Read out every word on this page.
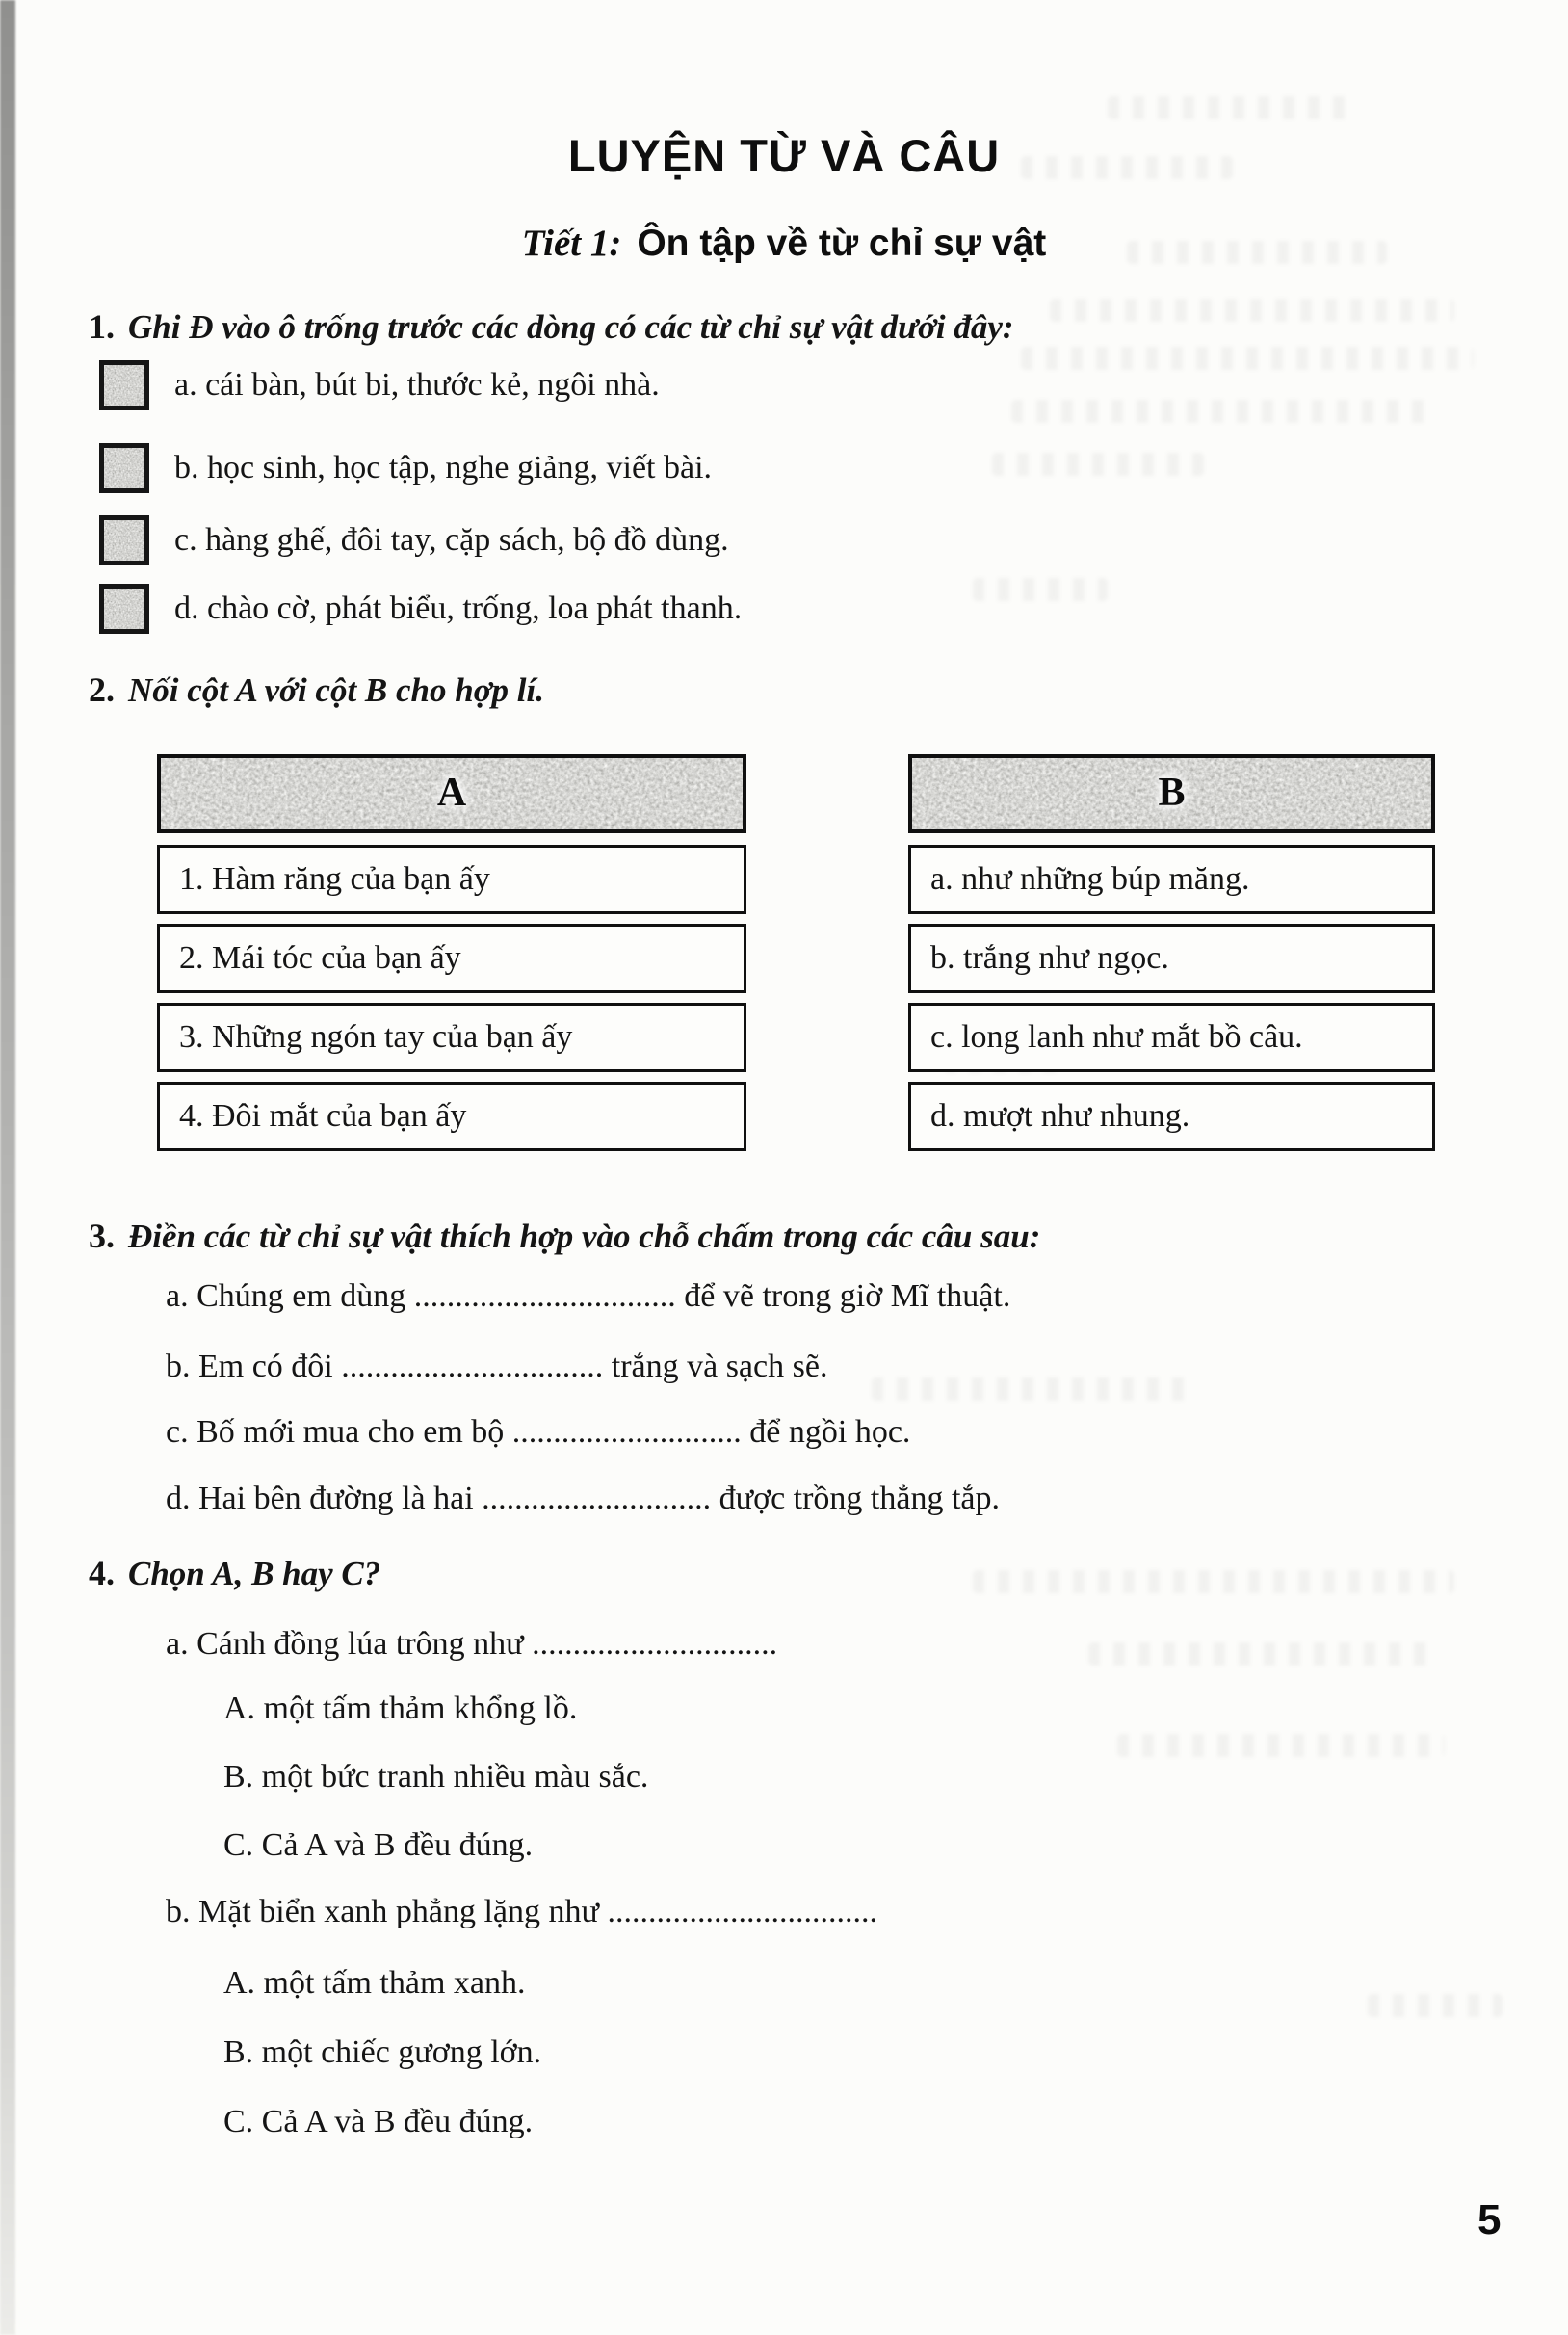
LUYỆN TỪ VÀ CÂU
Tiết 1: Ôn tập về từ chỉ sự vật
1. Ghi Đ vào ô trống trước các dòng có các từ chỉ sự vật dưới đây:
a. cái bàn, bút bi, thước kẻ, ngôi nhà.
b. học sinh, học tập, nghe giảng, viết bài.
c. hàng ghế, đôi tay, cặp sách, bộ đồ dùng.
d. chào cờ, phát biểu, trống, loa phát thanh.
2. Nối cột A với cột B cho hợp lí.
A
1. Hàm răng của bạn ấy
2. Mái tóc của bạn ấy
3. Những ngón tay của bạn ấy
4. Đôi mắt của bạn ấy
B
a. như những búp măng.
b. trắng như ngọc.
c. long lanh như mắt bồ câu.
d. mượt như nhung.
3. Điền các từ chỉ sự vật thích hợp vào chỗ chấm trong các câu sau:
a. Chúng em dùng ................................ để vẽ trong giờ Mĩ thuật.
b. Em có đôi ................................ trắng và sạch sẽ.
c. Bố mới mua cho em bộ ............................ để ngồi học.
d. Hai bên đường là hai ............................ được trồng thẳng tắp.
4. Chọn A, B hay C?
a. Cánh đồng lúa trông như ..............................
A. một tấm thảm khổng lồ.
B. một bức tranh nhiều màu sắc.
C. Cả A và B đều đúng.
b. Mặt biển xanh phẳng lặng như .................................
A. một tấm thảm xanh.
B. một chiếc gương lớn.
C. Cả A và B đều đúng.
5
